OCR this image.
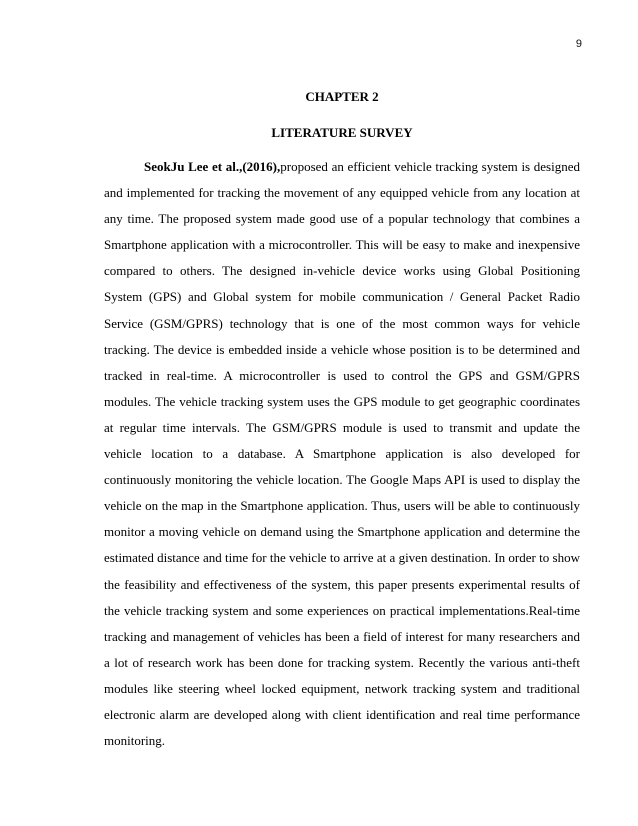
9
CHAPTER 2
LITERATURE SURVEY

SeokJu Lee et al.,(2016),proposed an efficient vehicle tracking system is designed and implemented for tracking the movement of any equipped vehicle from any location at any time. The proposed system made good use of a popular technology that combines a Smartphone application with a microcontroller. This will be easy to make and inexpensive compared to others. The designed in-vehicle device works using Global Positioning System (GPS) and Global system for mobile communication / General Packet Radio Service (GSM/GPRS) technology that is one of the most common ways for vehicle tracking. The device is embedded inside a vehicle whose position is to be determined and tracked in real-time. A microcontroller is used to control the GPS and GSM/GPRS modules. The vehicle tracking system uses the GPS module to get geographic coordinates at regular time intervals. The GSM/GPRS module is used to transmit and update the vehicle location to a database. A Smartphone application is also developed for continuously monitoring the vehicle location. The Google Maps API is used to display the vehicle on the map in the Smartphone application. Thus, users will be able to continuously monitor a moving vehicle on demand using the Smartphone application and determine the estimated distance and time for the vehicle to arrive at a given destination. In order to show the feasibility and effectiveness of the system, this paper presents experimental results of the vehicle tracking system and some experiences on practical implementations.Real-time tracking and management of vehicles has been a field of interest for many researchers and a lot of research work has been done for tracking system. Recently the various anti-theft modules like steering wheel locked equipment, network tracking system and traditional electronic alarm are developed along with client identification and real time performance monitoring.
